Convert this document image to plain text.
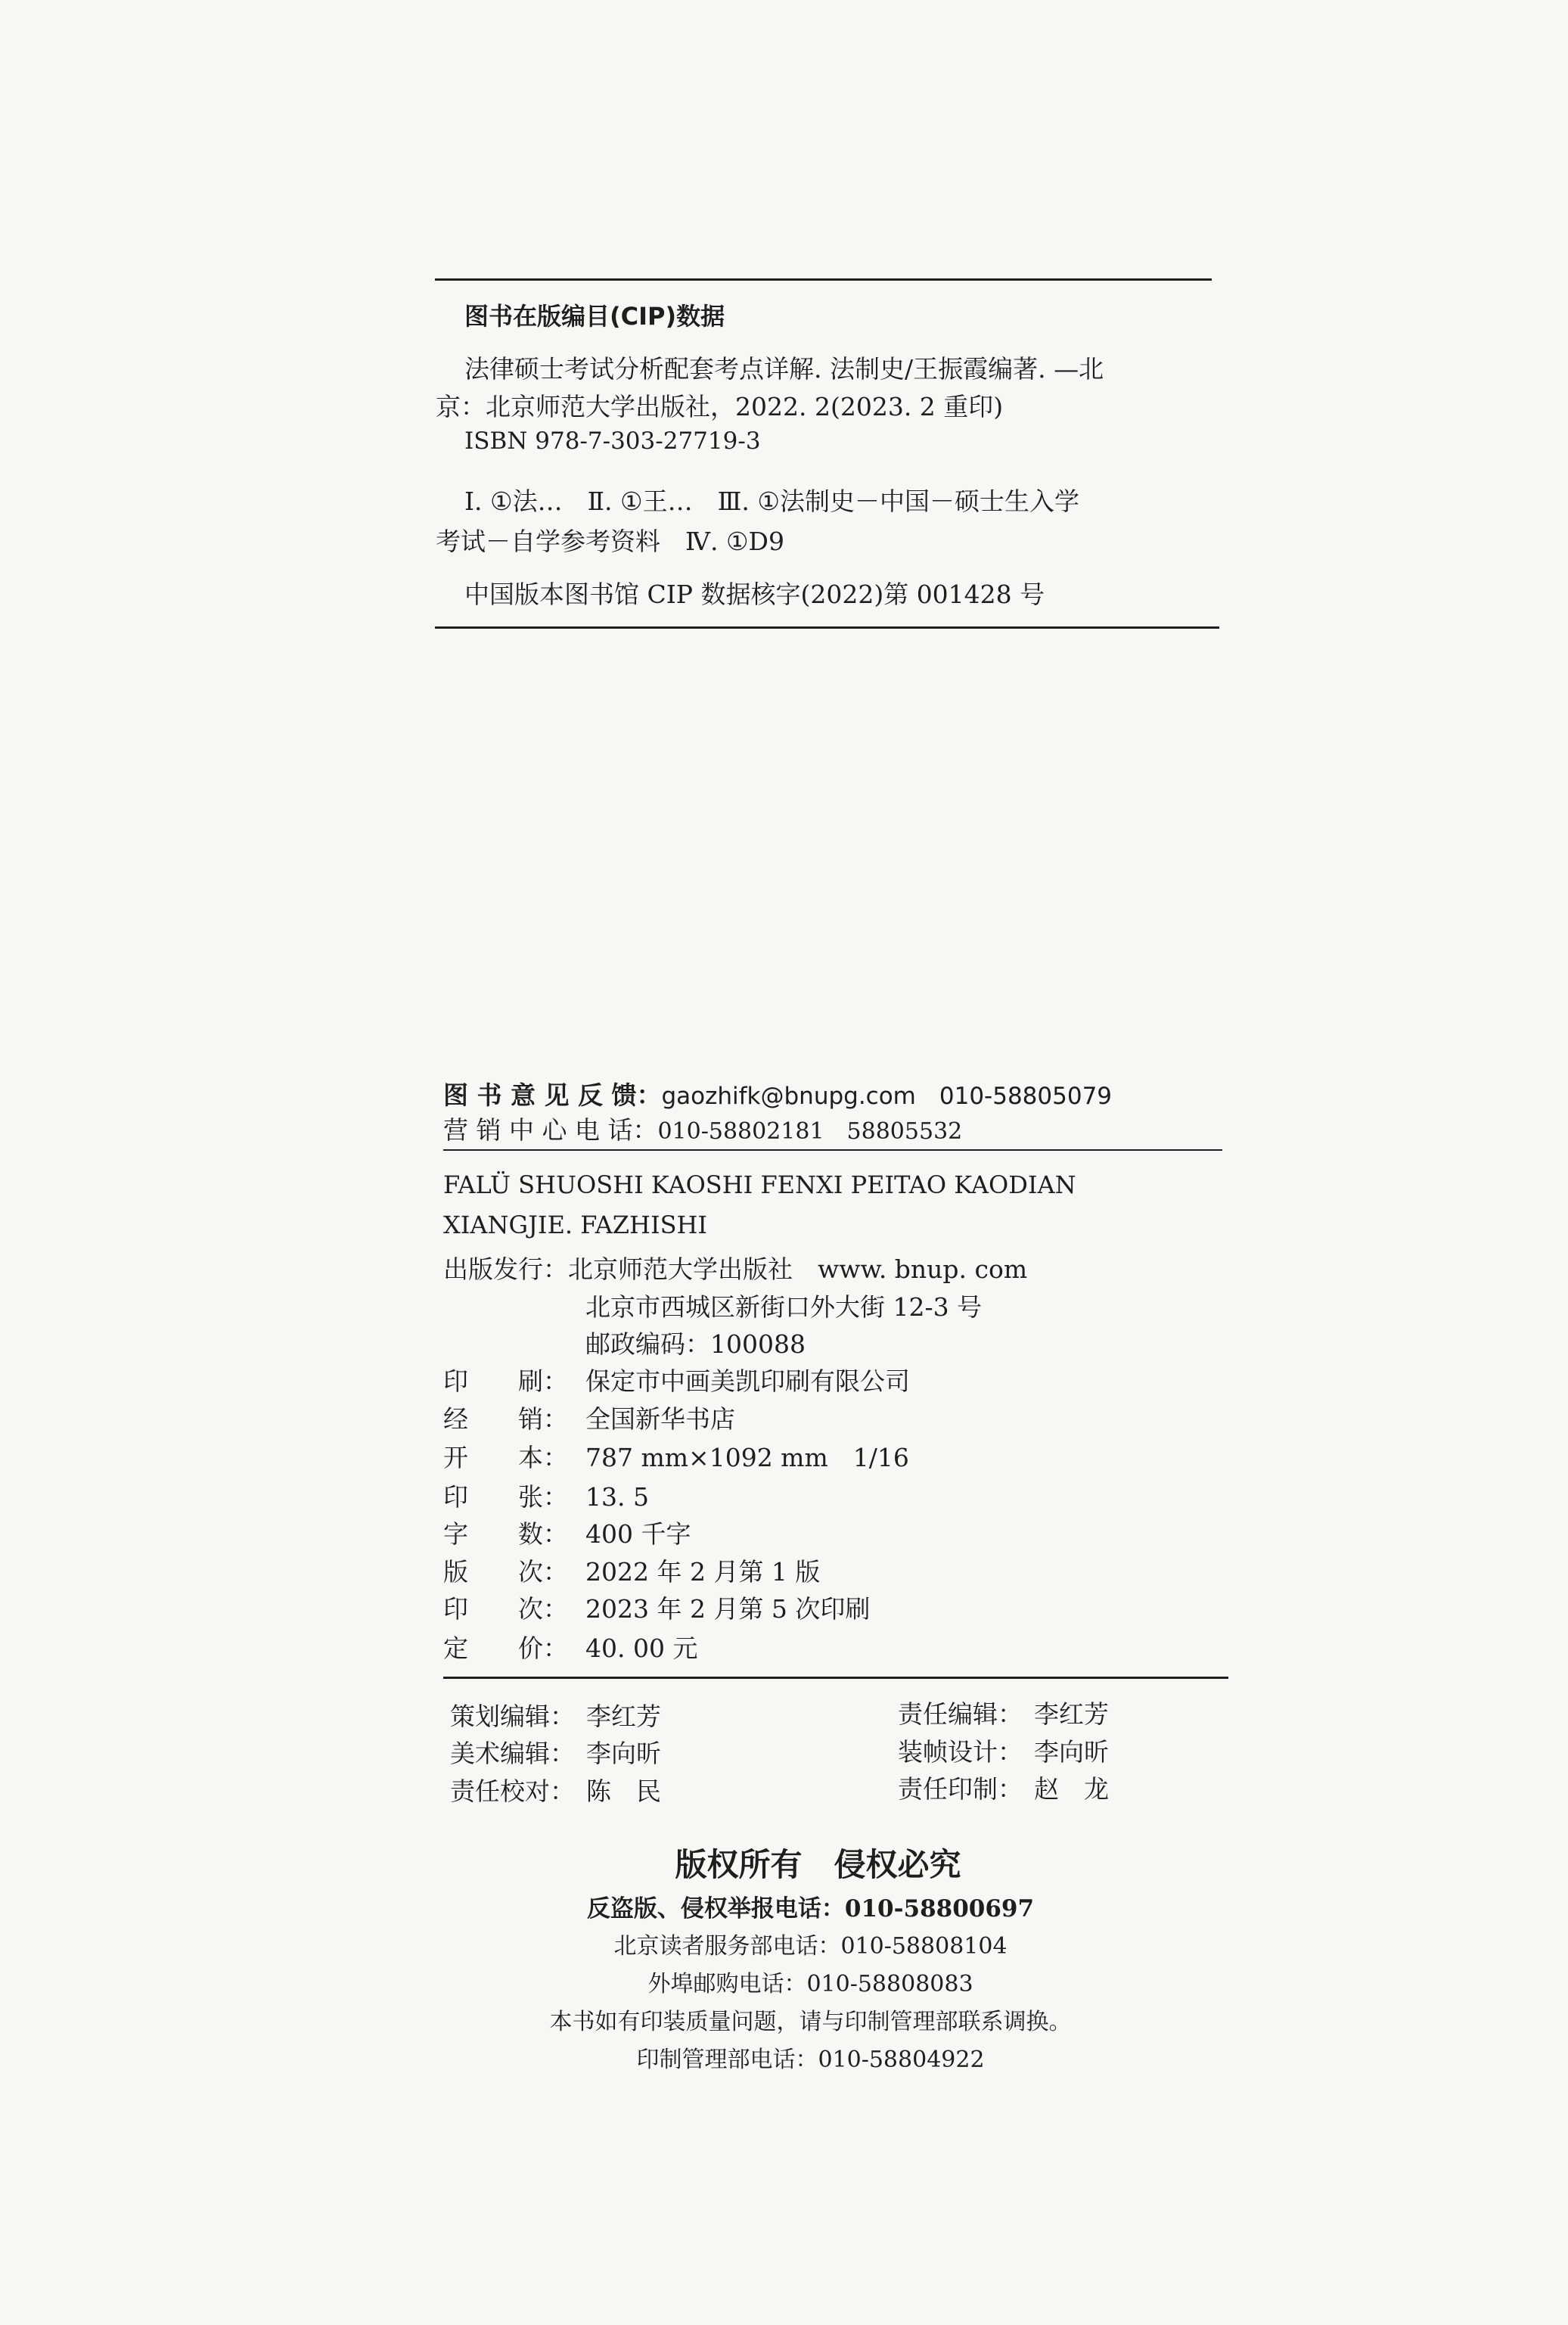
图书在版编目(CIP)数据
法律硕士考试分析配套考点详解. 法制史/王振霞编著. —北
京：北京师范大学出版社，2022. 2(2023. 2 重印)
ISBN 978-7-303-27719-3
Ⅰ. ①法…　Ⅱ. ①王…　Ⅲ. ①法制史－中国－硕士生入学
考试－自学参考资料　Ⅳ. ①D9
中国版本图书馆 CIP 数据核字(2022)第 001428 号
图 书 意 见 反 馈：gaozhifk@bnupg.com　010-58805079
营 销 中 心 电 话：010-58802181　58805532
FALÜ SHUOSHI KAOSHI FENXI PEITAO KAODIAN
XIANGJIE. FAZHISHI
出版发行：北京师范大学出版社　www. bnup. com
北京市西城区新街口外大街 12-3 号
邮政编码：100088
印　　刷： 保定市中画美凯印刷有限公司
经　　销： 全国新华书店
开　　本： 787 mm×1092 mm　1/16
印　　张： 13. 5
字　　数： 400 千字
版　　次： 2022 年 2 月第 1 版
印　　次： 2023 年 2 月第 5 次印刷
定　　价： 40. 00 元
策划编辑： 李红芳
美术编辑： 李向昕
责任校对： 陈　民
责任编辑： 李红芳
装帧设计： 李向昕
责任印制： 赵　龙
版权所有　侵权必究
反盗版、侵权举报电话：010-58800697
北京读者服务部电话：010-58808104
外埠邮购电话：010-58808083
本书如有印装质量问题，请与印制管理部联系调换。
印制管理部电话：010-58804922
